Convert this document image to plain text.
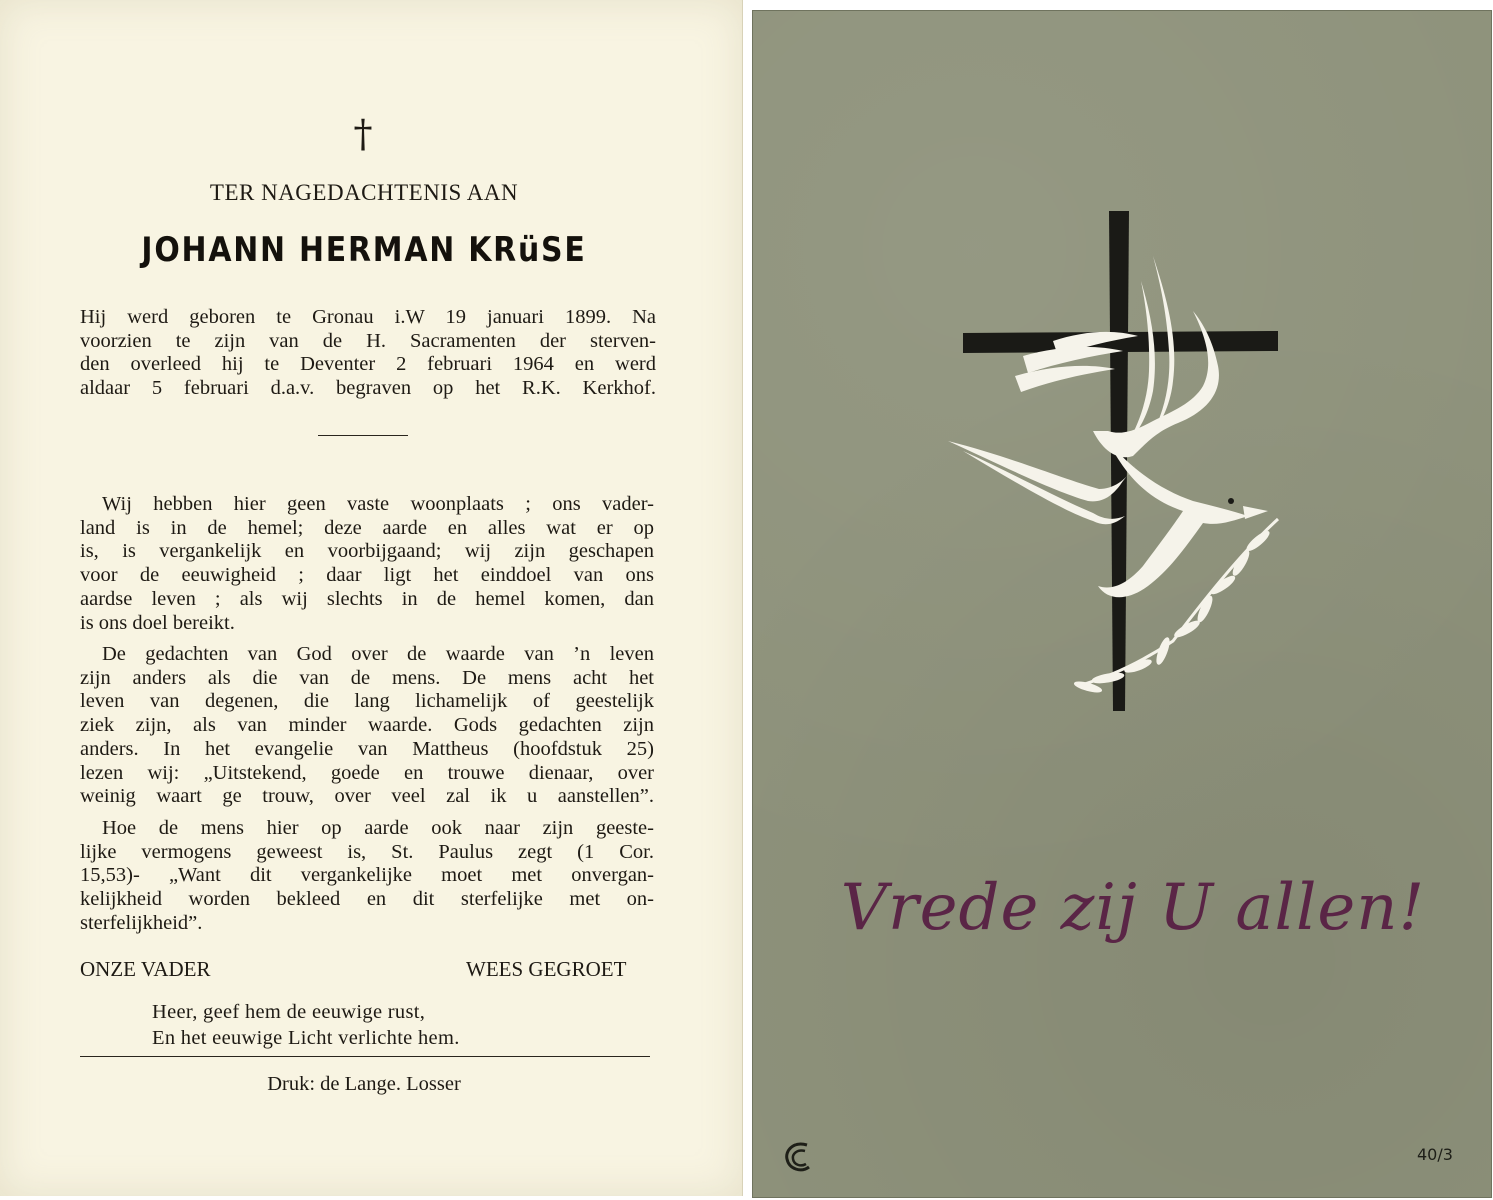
†
TER NAGEDACHTENIS AAN
JOHANN HERMAN KRüSE
Hij werd geboren te Gronau i.W 19 januari 1899. Na
voorzien te zijn van de H. Sacramenten der sterven-
den overleed hij te Deventer 2 februari 1964 en werd
aldaar 5 februari d.a.v. begraven op het R.K. Kerkhof.
Wij hebben hier geen vaste woonplaats ; ons vader-
land is in de hemel; deze aarde en alles wat er op
is, is vergankelijk en voorbijgaand; wij zijn geschapen
voor de eeuwigheid ; daar ligt het einddoel van ons
aardse leven ; als wij slechts in de hemel komen, dan
is ons doel bereikt.
De gedachten van God over de waarde van ’n leven
zijn anders als die van de mens. De mens acht het
leven van degenen, die lang lichamelijk of geestelijk
ziek zijn, als van minder waarde. Gods gedachten zijn
anders. In het evangelie van Mattheus (hoofdstuk 25)
lezen wij: „Uitstekend, goede en trouwe dienaar, over
weinig waart ge trouw, over veel zal ik u aanstellen”.
Hoe de mens hier op aarde ook naar zijn geeste-
lijke vermogens geweest is, St. Paulus zegt (1 Cor.
15,53)- „Want dit vergankelijke moet met onvergan-
kelijkheid worden bekleed en dit sterfelijke met on-
sterfelijkheid”.
ONZE VADER	WEES GEGROET
Heer, geef hem de eeuwige rust,
En het eeuwige Licht verlichte hem.
Druk: de Lange. Losser
Vrede zij U allen!
40/3
